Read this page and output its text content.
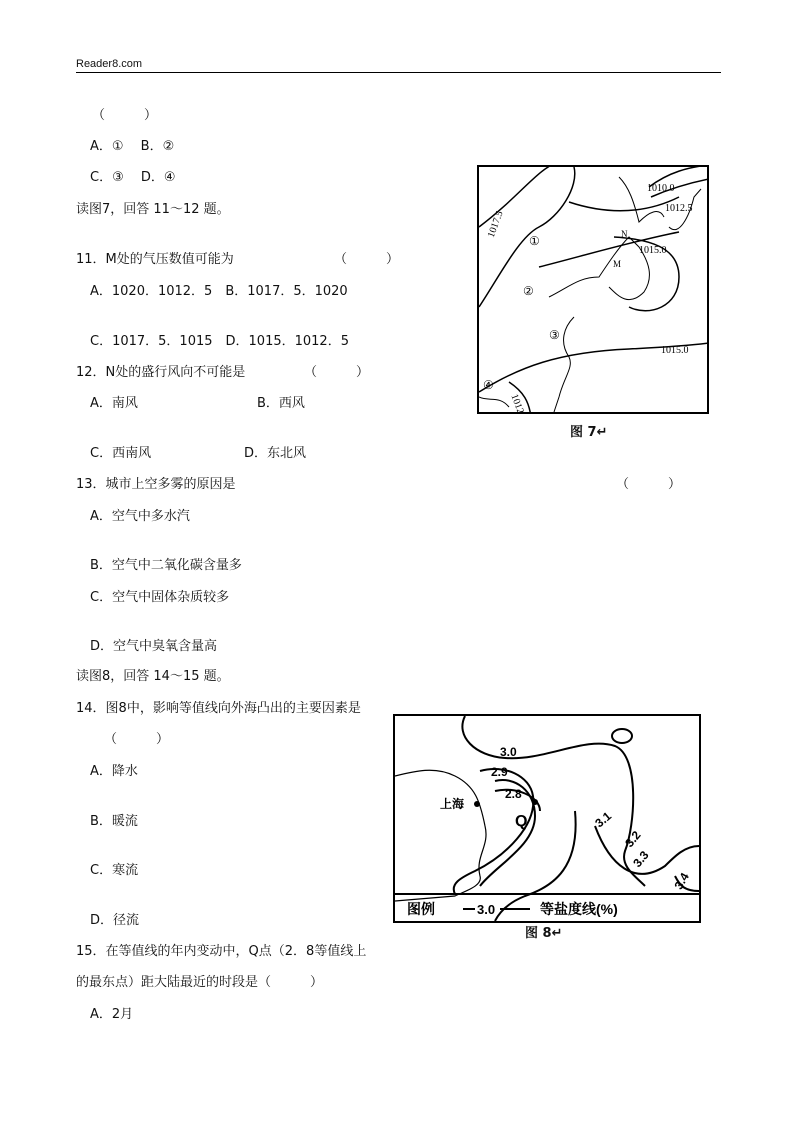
Reader8.com
（　　　）
A．①　 B．②
C．③　 D．④
读图7，回答 11～12 题。
11．M处的气压数值可能为	（　　　）
A．1020．1012．5　B．1017．5．1020
C．1017．5．1015　D．1015．1012．5
12．N处的盛行风向不可能是	（　　　）
A．南风	B．西风
C．西南风	D．东北风
13．城市上空多雾的原因是	（　　　）
A．空气中多水汽
B．空气中二氧化碳含量多
C．空气中固体杂质较多
D．空气中臭氧含量高
读图8，回答 14～15 题。
14．图8中，影响等值线向外海凸出的主要因素是
（　　　）
A．降水
B．暖流
C．寒流
D．径流
15．在等值线的年内变动中，Q点（2．8等值线上
的最东点）距大陆最近的时段是（　　　）
A．2月
1010.0
1012.5
1015.0
1017.5
1015.0
1012.5
N
M
①
②
③
④
图 7↵
3.0
2.9
2.8
3.1
3.2
3.3
3.4
上海
Q
图例	3.0	等盐度线(%)
图 8↵
